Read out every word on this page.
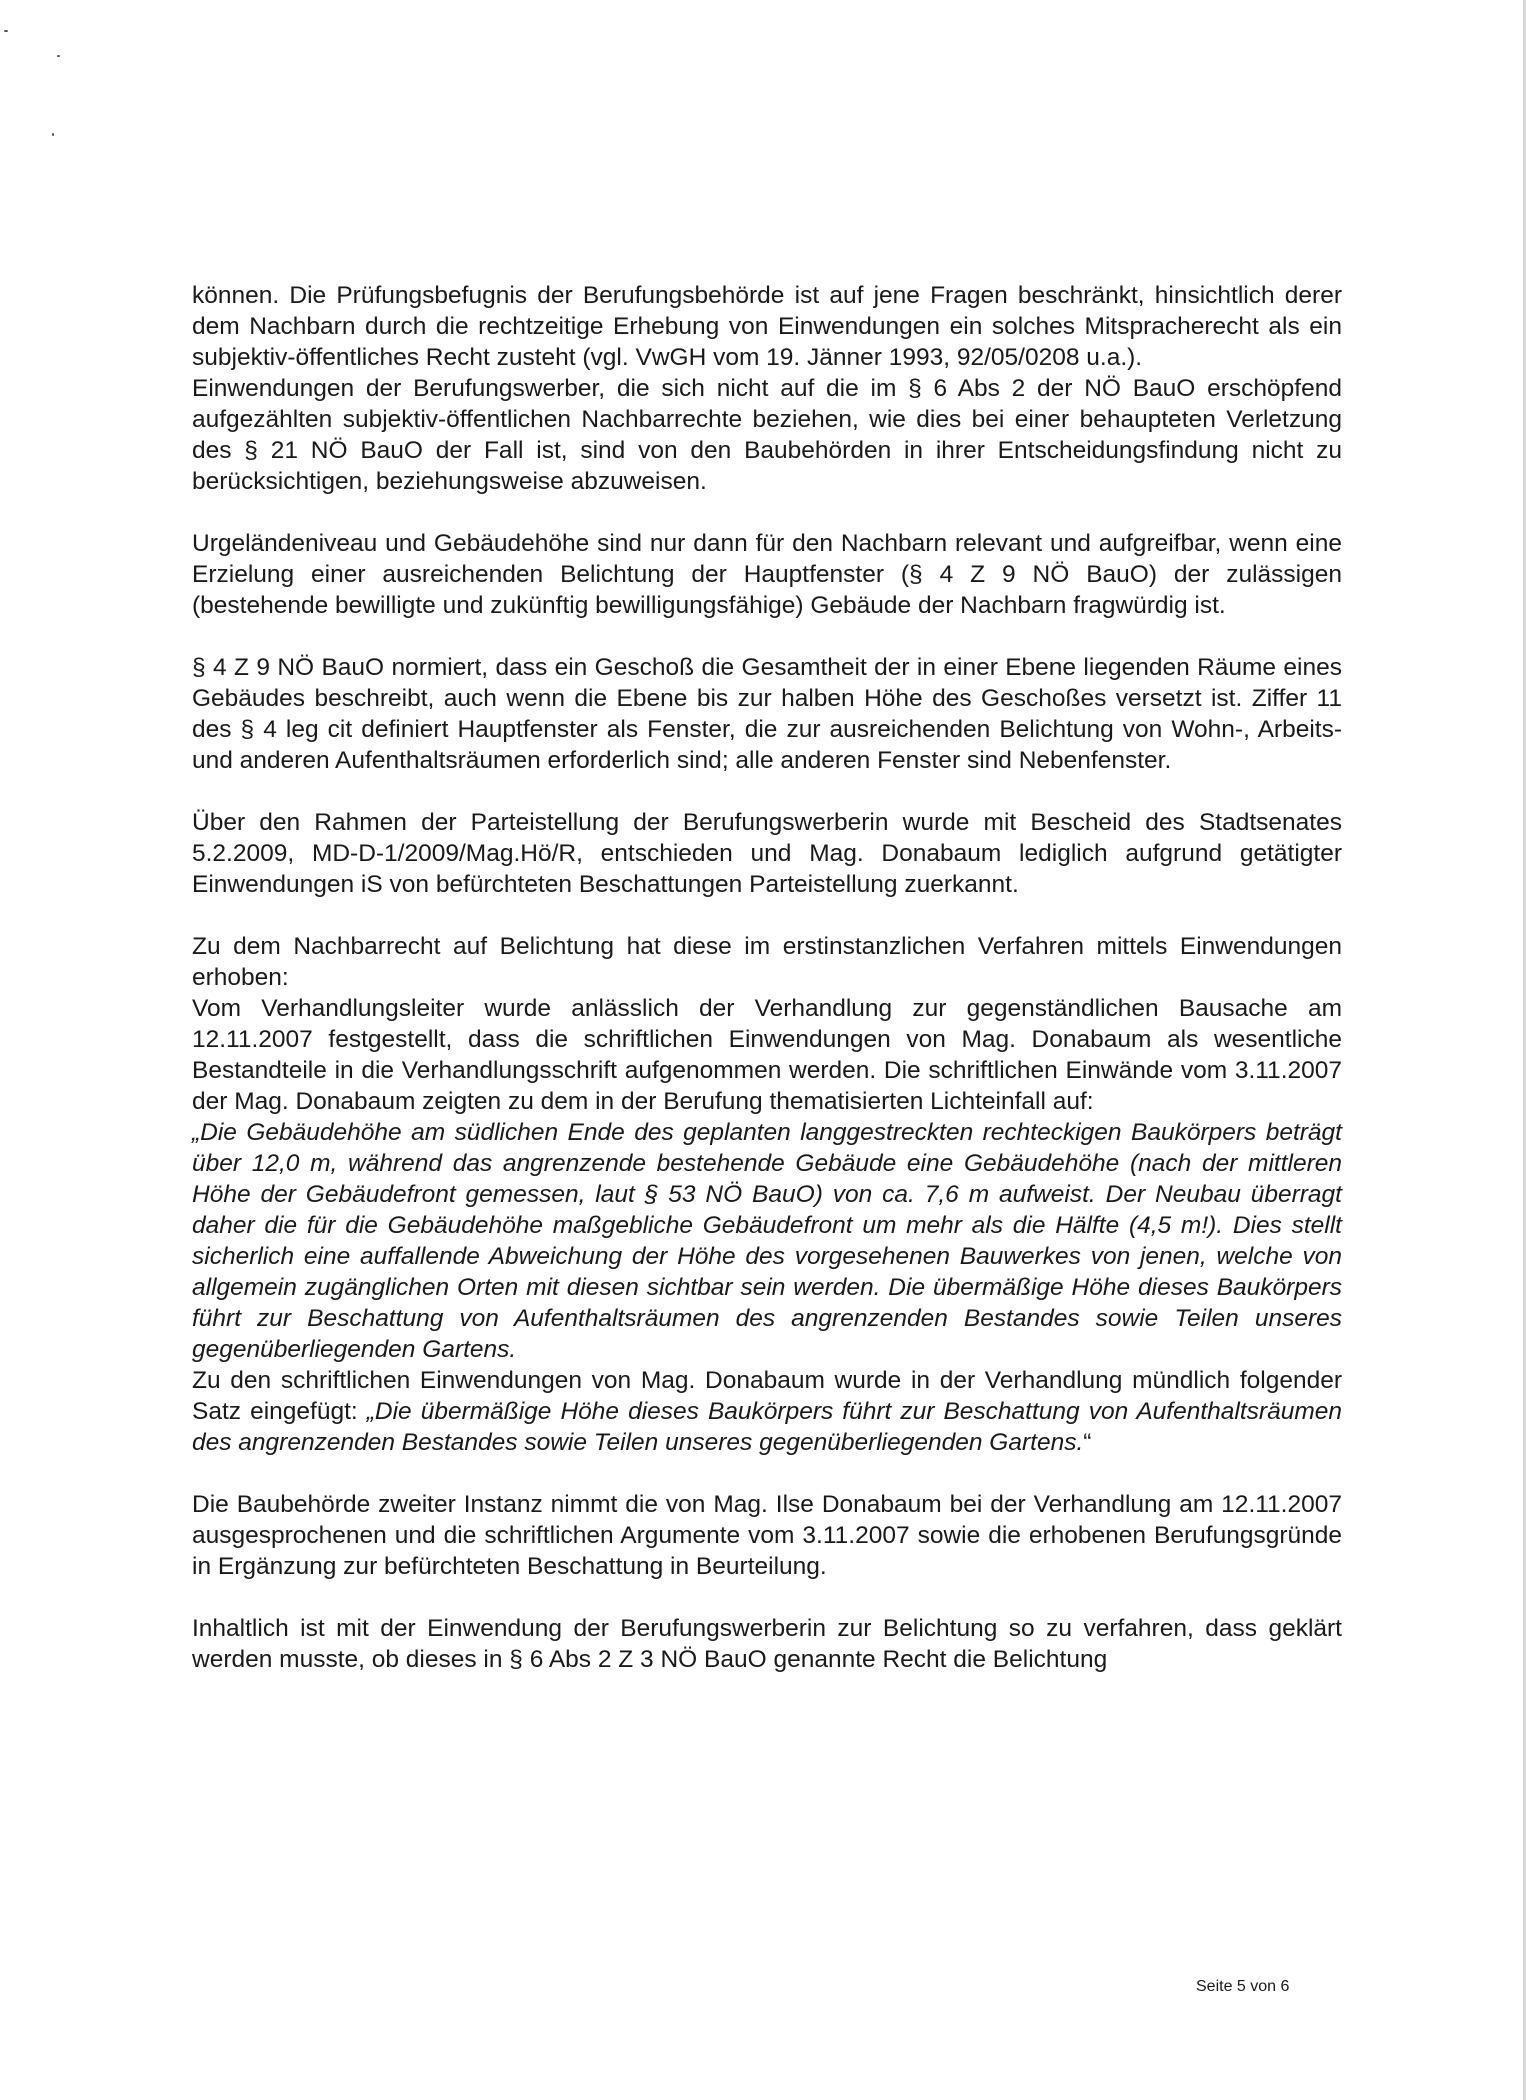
können. Die Prüfungsbefugnis der Berufungsbehörde ist auf jene Fragen beschränkt, hinsichtlich derer dem Nachbarn durch die rechtzeitige Erhebung von Einwendungen ein solches Mitspracherecht als ein subjektiv-öffentliches Recht zusteht (vgl. VwGH vom 19. Jänner 1993, 92/05/0208 u.a.).

Einwendungen der Berufungswerber, die sich nicht auf die im § 6 Abs 2 der NÖ BauO erschöpfend aufgezählten subjektiv-öffentlichen Nachbarrechte beziehen, wie dies bei einer behaupteten Verletzung des § 21 NÖ BauO der Fall ist, sind von den Baubehörden in ihrer Entscheidungsfindung nicht zu berücksichtigen, beziehungsweise abzuweisen.

Urgeländeniveau und Gebäudehöhe sind nur dann für den Nachbarn relevant und aufgreifbar, wenn eine Erzielung einer ausreichenden Belichtung der Hauptfenster (§ 4 Z 9 NÖ BauO) der zulässigen (bestehende bewilligte und zukünftig bewilligungsfähige) Gebäude der Nachbarn fragwürdig ist.

§ 4 Z 9 NÖ BauO normiert, dass ein Geschoß die Gesamtheit der in einer Ebene liegenden Räume eines Gebäudes beschreibt, auch wenn die Ebene bis zur halben Höhe des Geschoßes versetzt ist. Ziffer 11 des § 4 leg cit definiert Hauptfenster als Fenster, die zur ausreichenden Belichtung von Wohn-, Arbeits- und anderen Aufenthaltsräumen erforderlich sind; alle anderen Fenster sind Nebenfenster.

Über den Rahmen der Parteistellung der Berufungswerberin wurde mit Bescheid des Stadtsenates 5.2.2009, MD-D-1/2009/Mag.Hö/R, entschieden und Mag. Donabaum lediglich aufgrund getätigter Einwendungen iS von befürchteten Beschattungen Parteistellung zuerkannt.

Zu dem Nachbarrecht auf Belichtung hat diese im erstinstanzlichen Verfahren mittels Einwendungen erhoben:

Vom Verhandlungsleiter wurde anlässlich der Verhandlung zur gegenständlichen Bausache am 12.11.2007 festgestellt, dass die schriftlichen Einwendungen von Mag. Donabaum als wesentliche Bestandteile in die Verhandlungsschrift aufgenommen werden. Die schriftlichen Einwände vom 3.11.2007 der Mag. Donabaum zeigten zu dem in der Berufung thematisierten Lichteinfall auf:

„Die Gebäudehöhe am südlichen Ende des geplanten langgestreckten rechteckigen Baukörpers beträgt über 12,0 m, während das angrenzende bestehende Gebäude eine Gebäudehöhe (nach der mittleren Höhe der Gebäudefront gemessen, laut § 53 NÖ BauO) von ca. 7,6 m aufweist. Der Neubau überragt daher die für die Gebäudehöhe maßgebliche Gebäudefront um mehr als die Hälfte (4,5 m!). Dies stellt sicherlich eine auffallende Abweichung der Höhe des vorgesehenen Bauwerkes von jenen, welche von allgemein zugänglichen Orten mit diesen sichtbar sein werden. Die übermäßige Höhe dieses Baukörpers führt zur Beschattung von Aufenthaltsräumen des angrenzenden Bestandes sowie Teilen unseres gegenüberliegenden Gartens.

Zu den schriftlichen Einwendungen von Mag. Donabaum wurde in der Verhandlung mündlich folgender Satz eingefügt: „Die übermäßige Höhe dieses Baukörpers führt zur Beschattung von Aufenthaltsräumen des angrenzenden Bestandes sowie Teilen unseres gegenüberliegenden Gartens.“

Die Baubehörde zweiter Instanz nimmt die von Mag. Ilse Donabaum bei der Verhandlung am 12.11.2007 ausgesprochenen und die schriftlichen Argumente vom 3.11.2007 sowie die erhobenen Berufungsgründe in Ergänzung zur befürchteten Beschattung in Beurteilung.

Inhaltlich ist mit der Einwendung der Berufungswerberin zur Belichtung so zu verfahren, dass geklärt werden musste, ob dieses in § 6 Abs 2 Z 3 NÖ BauO genannte Recht die Belichtung

Seite 5 von 6
